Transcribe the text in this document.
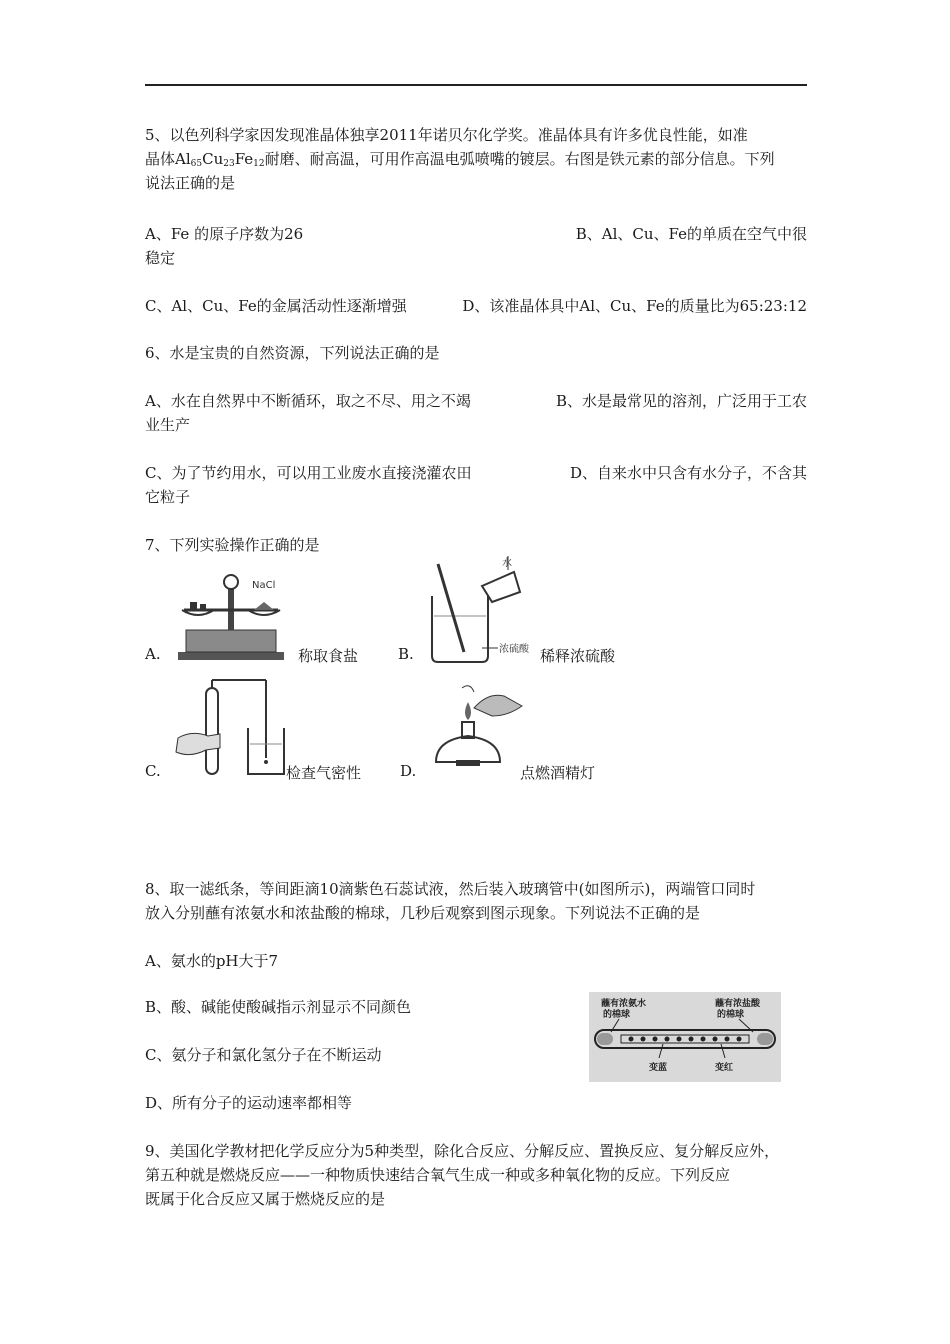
5、以色列科学家因发现准晶体独享2011年诺贝尔化学奖。准晶体具有许多优良性能，如准
晶体$Al_{65}Cu_{23}Fe_{12}$耐磨、耐高温，可用作高温电弧喷嘴的镀层。右图是铁元素的部分信息。下列
说法正确的是
A、Fe 的原子序数为26	B、Al、Cu、Fe的单质在空气中很
稳定
C、Al、Cu、Fe的金属活动性逐渐增强	D、该准晶体具中Al、Cu、Fe的质量比为65:23:12
6、水是宝贵的自然资源，下列说法正确的是
A、水在自然界中不断循环，取之不尽、用之不竭	B、水是最常见的溶剂，广泛用于工农
业生产
C、为了节约用水，可以用工业废水直接浇灌农田	D、自来水中只含有水分子，不含其
它粒子
7、下列实验操作正确的是
A.
NaCl
称取食盐	B.
水
浓硫酸 稀释浓硫酸
C.	检查气密性	D.	点燃酒精灯
8、取一滤纸条，等间距滴10滴紫色石蕊试液，然后装入玻璃管中(如图所示)，两端管口同时
放入分别蘸有浓氨水和浓盐酸的棉球，几秒后观察到图示现象。下列说法不正确的是
A、氨水的pH大于7
B、酸、碱能使酸碱指示剂显示不同颜色
C、氨分子和氯化氢分子在不断运动
D、所有分子的运动速率都相等
蘸有浓氨水
的棉球
蘸有浓盐酸
的棉球
变蓝	变红
9、美国化学教材把化学反应分为5种类型，除化合反应、分解反应、置换反应、复分解反应外，
第五种就是燃烧反应——一种物质快速结合氧气生成一种或多种氧化物的反应。下列反应
既属于化合反应又属于燃烧反应的是
